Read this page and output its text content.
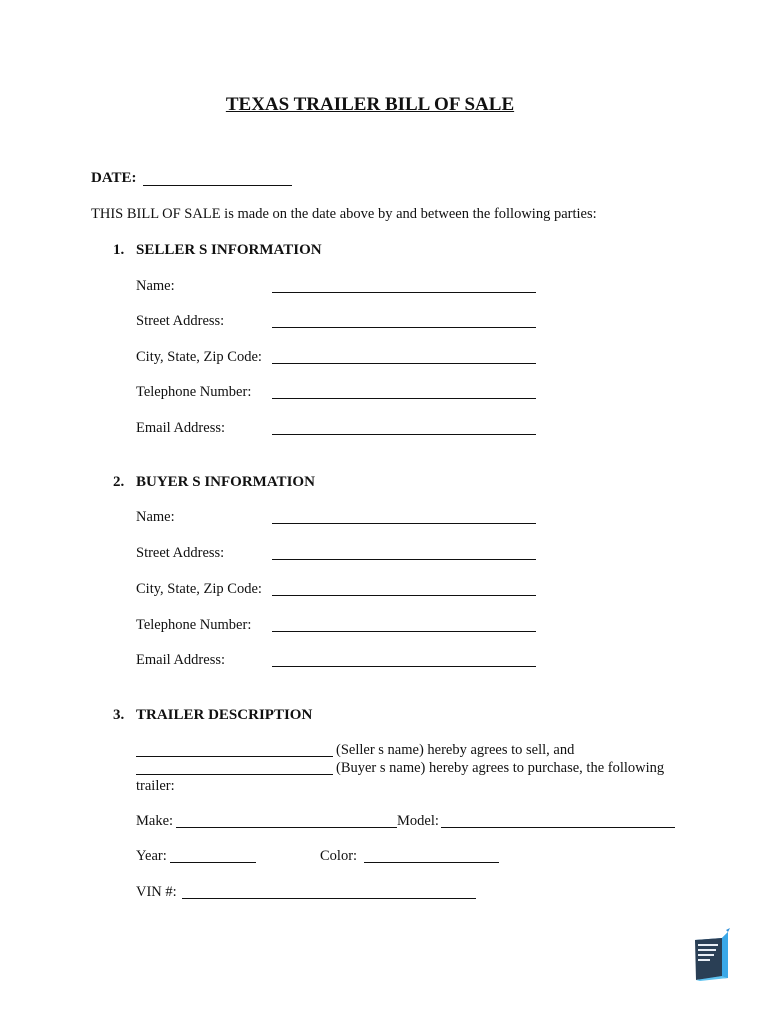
TEXAS TRAILER BILL OF SALE
DATE:
THIS BILL OF SALE is made on the date above by and between the following parties:
1. SELLER S INFORMATION
Name:
Street Address:
City, State, Zip Code:
Telephone Number:
Email Address:
2. BUYER S INFORMATION
Name:
Street Address:
City, State, Zip Code:
Telephone Number:
Email Address:
3. TRAILER DESCRIPTION
(Seller s name) hereby agrees to sell, and
(Buyer s name) hereby agrees to purchase, the following
trailer:
Make:	Model:
Year:	Color:
VIN #:
